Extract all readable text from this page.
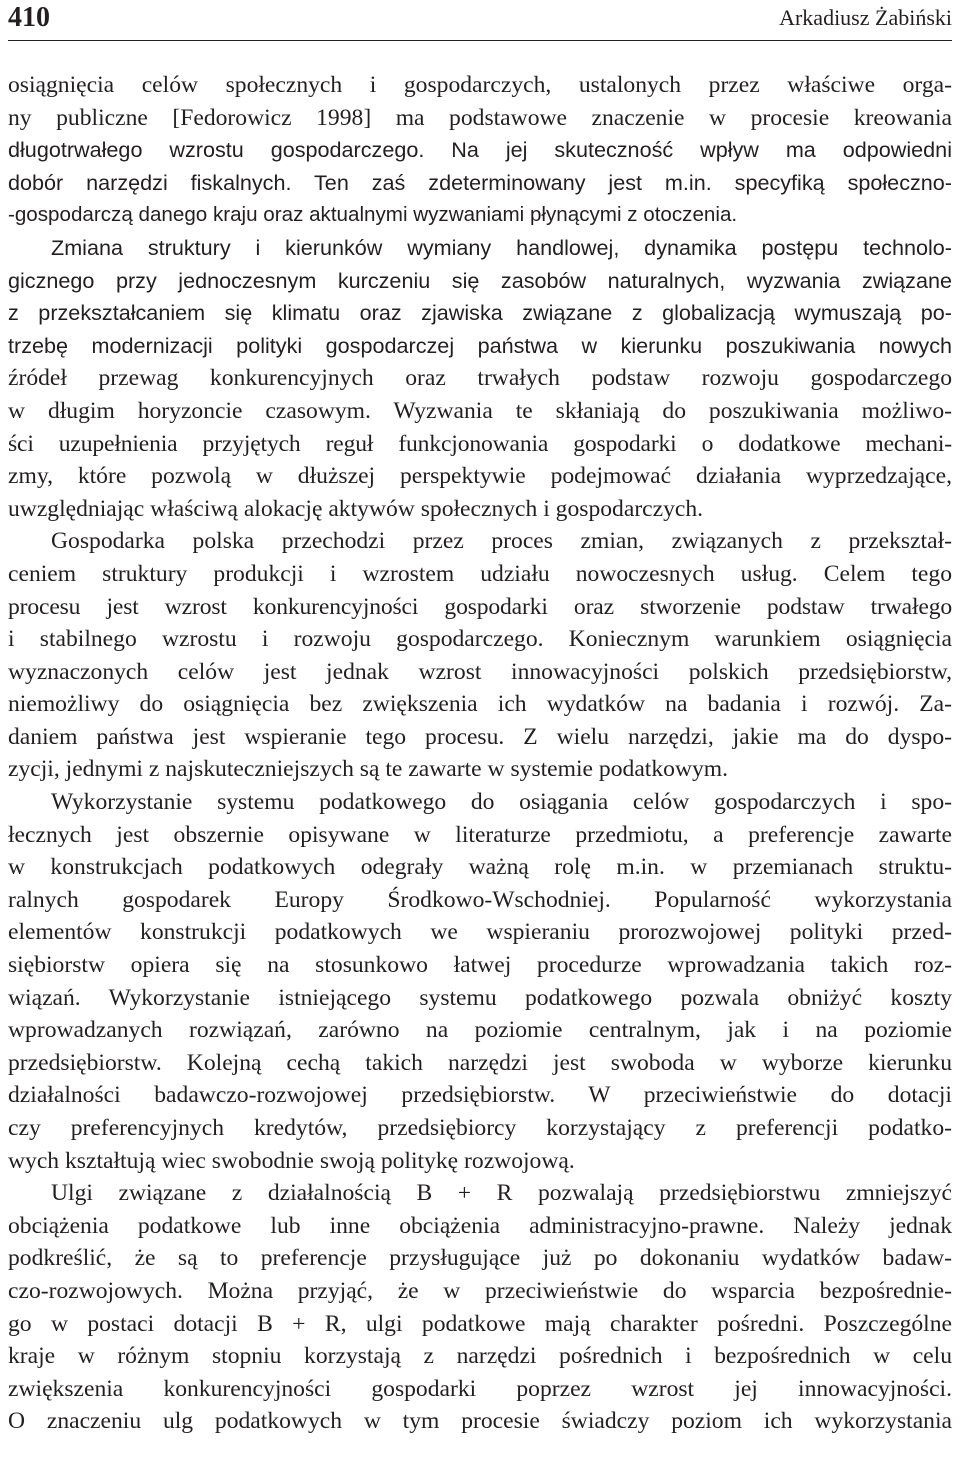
410	Arkadiusz Żabiński
osiągnięcia celów społecznych i gospodarczych, ustalonych przez właściwe orga-
ny publiczne [Fedorowicz 1998] ma podstawowe znaczenie w procesie kreowania
długotrwałego wzrostu gospodarczego. Na jej skuteczność wpływ ma odpowiedni
dobór narzędzi fiskalnych. Ten zaś zdeterminowany jest m.in. specyfiką społeczno-
-gospodarczą danego kraju oraz aktualnymi wyzwaniami płynącymi z otoczenia.
Zmiana struktury i kierunków wymiany handlowej, dynamika postępu technolo-
gicznego przy jednoczesnym kurczeniu się zasobów naturalnych, wyzwania związane
z przekształcaniem się klimatu oraz zjawiska związane z globalizacją wymuszają po-
trzebę modernizacji polityki gospodarczej państwa w kierunku poszukiwania nowych
źródeł przewag konkurencyjnych oraz trwałych podstaw rozwoju gospodarczego
w długim horyzoncie czasowym. Wyzwania te skłaniają do poszukiwania możliwo-
ści uzupełnienia przyjętych reguł funkcjonowania gospodarki o dodatkowe mechani-
zmy, które pozwolą w dłuższej perspektywie podejmować działania wyprzedzające,
uwzględniając właściwą alokację aktywów społecznych i gospodarczych.
Gospodarka polska przechodzi przez proces zmian, związanych z przekształ-
ceniem struktury produkcji i wzrostem udziału nowoczesnych usług. Celem tego
procesu jest wzrost konkurencyjności gospodarki oraz stworzenie podstaw trwałego
i stabilnego wzrostu i rozwoju gospodarczego. Koniecznym warunkiem osiągnięcia
wyznaczonych celów jest jednak wzrost innowacyjności polskich przedsiębiorstw,
niemożliwy do osiągnięcia bez zwiększenia ich wydatków na badania i rozwój. Za-
daniem państwa jest wspieranie tego procesu. Z wielu narzędzi, jakie ma do dyspo-
zycji, jednymi z najskuteczniejszych są te zawarte w systemie podatkowym.
Wykorzystanie systemu podatkowego do osiągania celów gospodarczych i spo-
łecznych jest obszernie opisywane w literaturze przedmiotu, a preferencje zawarte
w konstrukcjach podatkowych odegrały ważną rolę m.in. w przemianach struktu-
ralnych gospodarek Europy Środkowo-Wschodniej. Popularność wykorzystania
elementów konstrukcji podatkowych we wspieraniu prorozwojowej polityki przed-
siębiorstw opiera się na stosunkowo łatwej procedurze wprowadzania takich roz-
wiązań. Wykorzystanie istniejącego systemu podatkowego pozwala obniżyć koszty
wprowadzanych rozwiązań, zarówno na poziomie centralnym, jak i na poziomie
przedsiębiorstw. Kolejną cechą takich narzędzi jest swoboda w wyborze kierunku
działalności badawczo-rozwojowej przedsiębiorstw. W przeciwieństwie do dotacji
czy preferencyjnych kredytów, przedsiębiorcy korzystający z preferencji podatko-
wych kształtują wiec swobodnie swoją politykę rozwojową.
Ulgi związane z działalnością B + R pozwalają przedsiębiorstwu zmniejszyć
obciążenia podatkowe lub inne obciążenia administracyjno-prawne. Należy jednak
podkreślić, że są to preferencje przysługujące już po dokonaniu wydatków badaw-
czo-rozwojowych. Można przyjąć, że w przeciwieństwie do wsparcia bezpośrednie-
go w postaci dotacji B + R, ulgi podatkowe mają charakter pośredni. Poszczególne
kraje w różnym stopniu korzystają z narzędzi pośrednich i bezpośrednich w celu
zwiększenia konkurencyjności gospodarki poprzez wzrost jej innowacyjności.
O znaczeniu ulg podatkowych w tym procesie świadczy poziom ich wykorzystania
